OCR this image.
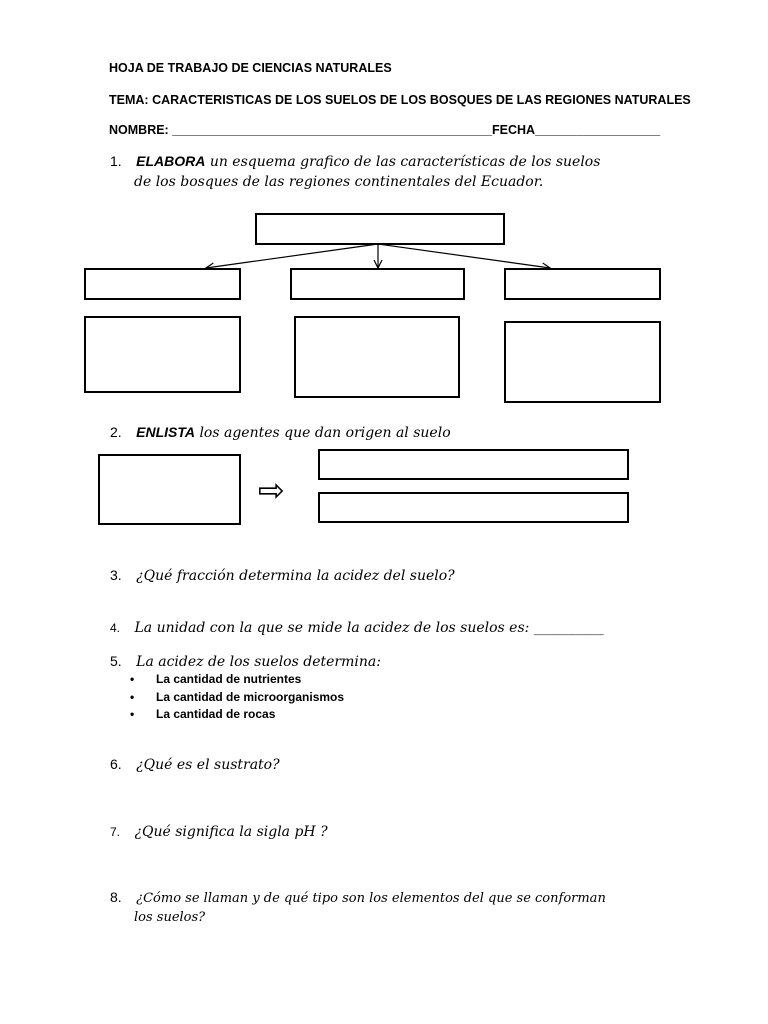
HOJA DE TRABAJO DE CIENCIAS NATURALES
TEMA: CARACTERISTICAS DE LOS SUELOS DE LOS BOSQUES DE LAS REGIONES NATURALES
NOMBRE: ______________________________________________FECHA__________________
1. ELABORA un esquema grafico de las características de los suelos
de los bosques de las regiones continentales del Ecuador.
2. ENLISTA los agentes que dan origen al suelo
⇨
3. ¿Qué fracción determina la acidez del suelo?
4. La unidad con la que se mide la acidez de los suelos es: __________
5. La acidez de los suelos determina:
• La cantidad de nutrientes
• La cantidad de microorganismos
• La cantidad de rocas
6. ¿Qué es el sustrato?
7. ¿Qué significa la sigla pH ?
8. ¿Cómo se llaman y de qué tipo son los elementos del que se conforman
los suelos?
